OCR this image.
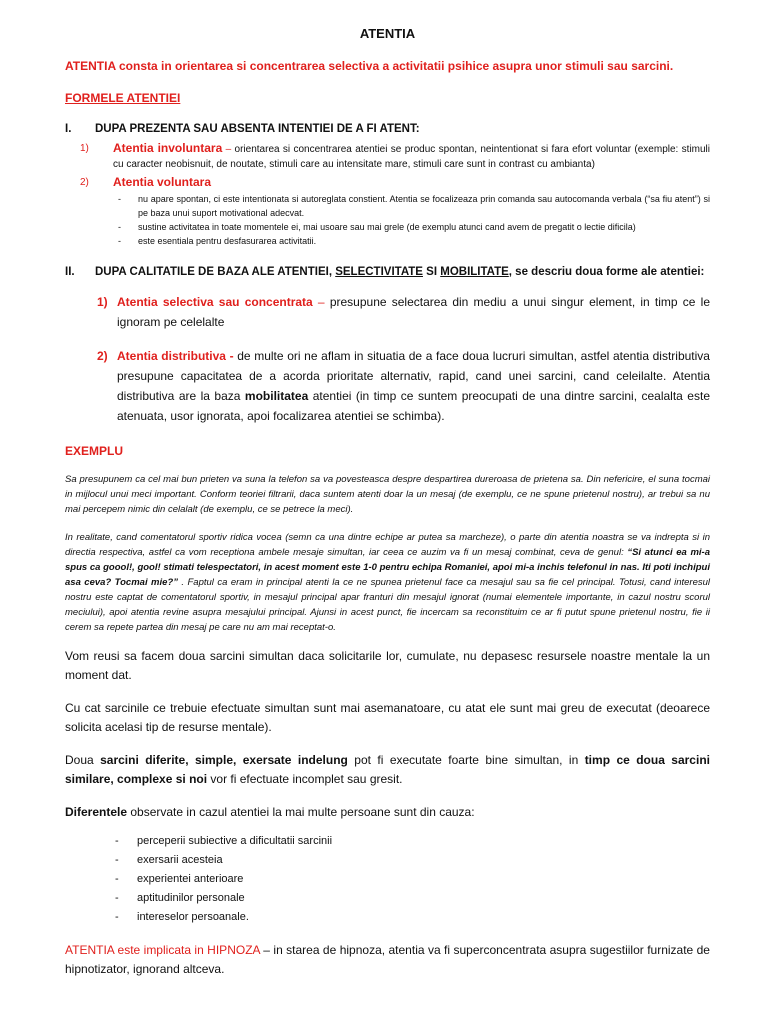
ATENTIA

ATENTIA consta in orientarea si concentrarea selectiva a activitatii psihice asupra unor stimuli sau sarcini.

FORMELE ATENTIEI

I.	DUPA PREZENTA SAU ABSENTA INTENTIEI DE A FI ATENT:
1)	Atentia involuntara – orientarea si concentrarea atentiei se produc spontan, neintentionat si fara efort voluntar (exemple: stimuli cu caracter neobisnuit, de noutate, stimuli care au intensitate mare, stimuli care sunt in contrast cu ambianta)
2)	Atentia voluntara
-	nu apare spontan, ci este intentionata si autoreglata constient. Atentia se focalizeaza prin comanda sau autocomanda verbala (“sa fiu atent”) si pe baza unui suport motivational adecvat.
-	sustine activitatea in toate momentele ei, mai usoare sau mai grele (de exemplu atunci cand avem de pregatit o lectie dificila)
-	este esentiala pentru desfasurarea activitatii.
II.	DUPA CALITATILE DE BAZA ALE ATENTIEI, SELECTIVITATE SI MOBILITATE, se descriu doua forme ale atentiei:
1) Atentia selectiva sau concentrata – presupune selectarea din mediu a unui singur element, in timp ce le ignoram pe celelalte
2) Atentia distributiva - de multe ori ne aflam in situatia de a face doua lucruri simultan, astfel atentia distributiva presupune capacitatea de a acorda prioritate alternativ, rapid, cand unei sarcini, cand celeilalte. Atentia distributiva are la baza mobilitatea atentiei (in timp ce suntem preocupati de una dintre sarcini, cealalta este atenuata, usor ignorata, apoi focalizarea atentiei se schimba).

EXEMPLU

Sa presupunem ca cel mai bun prieten va suna la telefon sa va povesteasca despre despartirea dureroasa de prietena sa. Din nefericire, el suna tocmai in mijlocul unui meci important. Conform teoriei filtrarii, daca suntem atenti doar la un mesaj (de exemplu, ce ne spune prietenul nostru), ar trebui sa nu mai percepem nimic din celalalt (de exemplu, ce se petrece la meci).

In realitate, cand comentatorul sportiv ridica vocea (semn ca una dintre echipe ar putea sa marcheze), o parte din atentia noastra se va indrepta si in directia respectiva, astfel ca vom receptiona ambele mesaje simultan, iar ceea ce auzim va fi un mesaj combinat, ceva de genul: “Si atunci ea mi-a spus ca goool!, gool! stimati telespectatori, in acest moment este 1-0 pentru echipa Romaniei, apoi mi-a inchis telefonul in nas. Iti poti inchipui asa ceva? Tocmai mie?” . Faptul ca eram in principal atenti la ce ne spunea prietenul face ca mesajul sau sa fie cel principal. Totusi, cand interesul nostru este captat de comentatorul sportiv, in mesajul principal apar franturi din mesajul ignorat (numai elementele importante, in cazul nostru scorul meciului), apoi atentia revine asupra mesajului principal. Ajunsi in acest punct, fie incercam sa reconstituim ce ar fi putut spune prietenul nostru, fie ii cerem sa repete partea din mesaj pe care nu am mai receptat-o.

Vom reusi sa facem doua sarcini simultan daca solicitarile lor, cumulate, nu depasesc resursele noastre mentale la un moment dat.

Cu cat sarcinile ce trebuie efectuate simultan sunt mai asemanatoare, cu atat ele sunt mai greu de executat (deoarece solicita acelasi tip de resurse mentale).

Doua sarcini diferite, simple, exersate indelung pot fi executate foarte bine simultan, in timp ce doua sarcini similare, complexe si noi vor fi efectuate incomplet sau gresit.

Diferentele observate in cazul atentiei la mai multe persoane sunt din cauza:

-	perceperii subiective a dificultatii sarcinii
-	exersarii acesteia
-	experientei anterioare
-	aptitudinilor personale
-	intereselor persoanale.

ATENTIA este implicata in HIPNOZA – in starea de hipnoza, atentia va fi superconcentrata asupra sugestiilor furnizate de hipnotizator, ignorand altceva.
